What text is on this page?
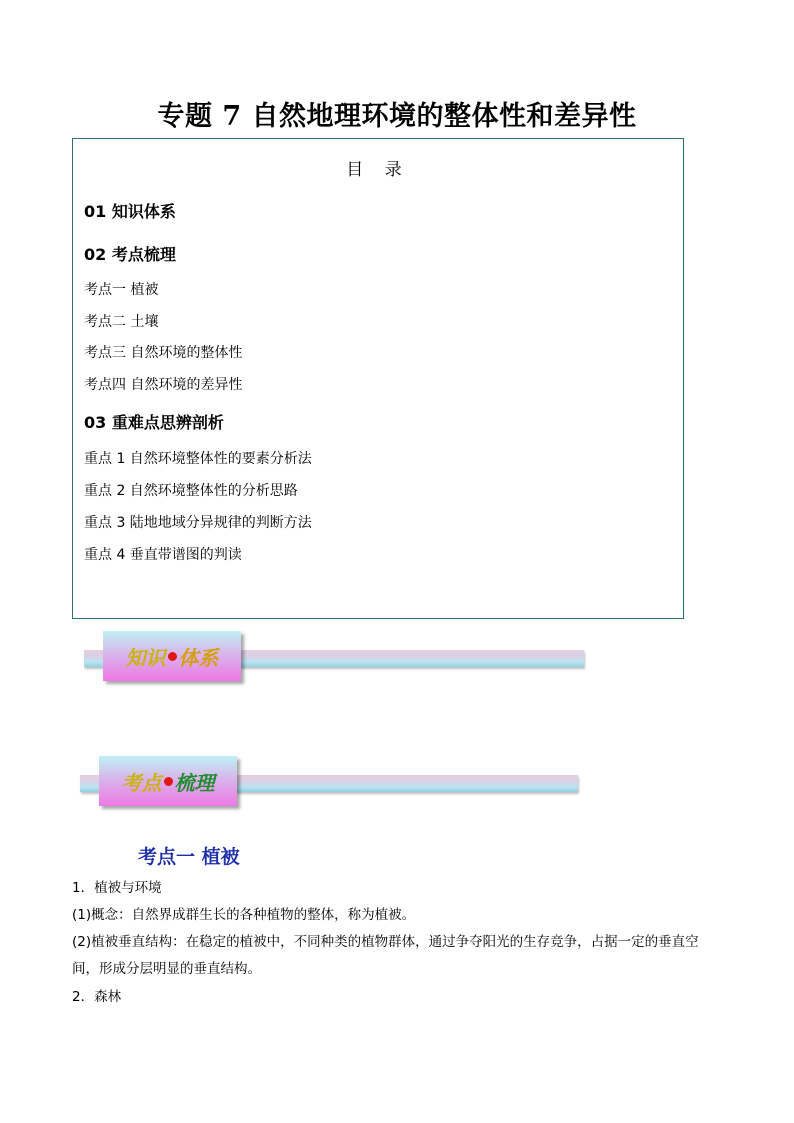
专题 7 自然地理环境的整体性和差异性
目 录
01 知识体系
02 考点梳理
考点一 植被
考点二 土壤
考点三 自然环境的整体性
考点四 自然环境的差异性
03 重难点思辨剖析
重点 1 自然环境整体性的要素分析法
重点 2 自然环境整体性的分析思路
重点 3 陆地地域分异规律的判断方法
重点 4 垂直带谱图的判读
知识 体系
考点 梳理
考点一 植被
1．植被与环境
(1)概念：自然界成群生长的各种植物的整体，称为植被。
(2)植被垂直结构：在稳定的植被中，不同种类的植物群体，通过争夺阳光的生存竞争，占据一定的垂直空
间，形成分层明显的垂直结构。
2．森林
